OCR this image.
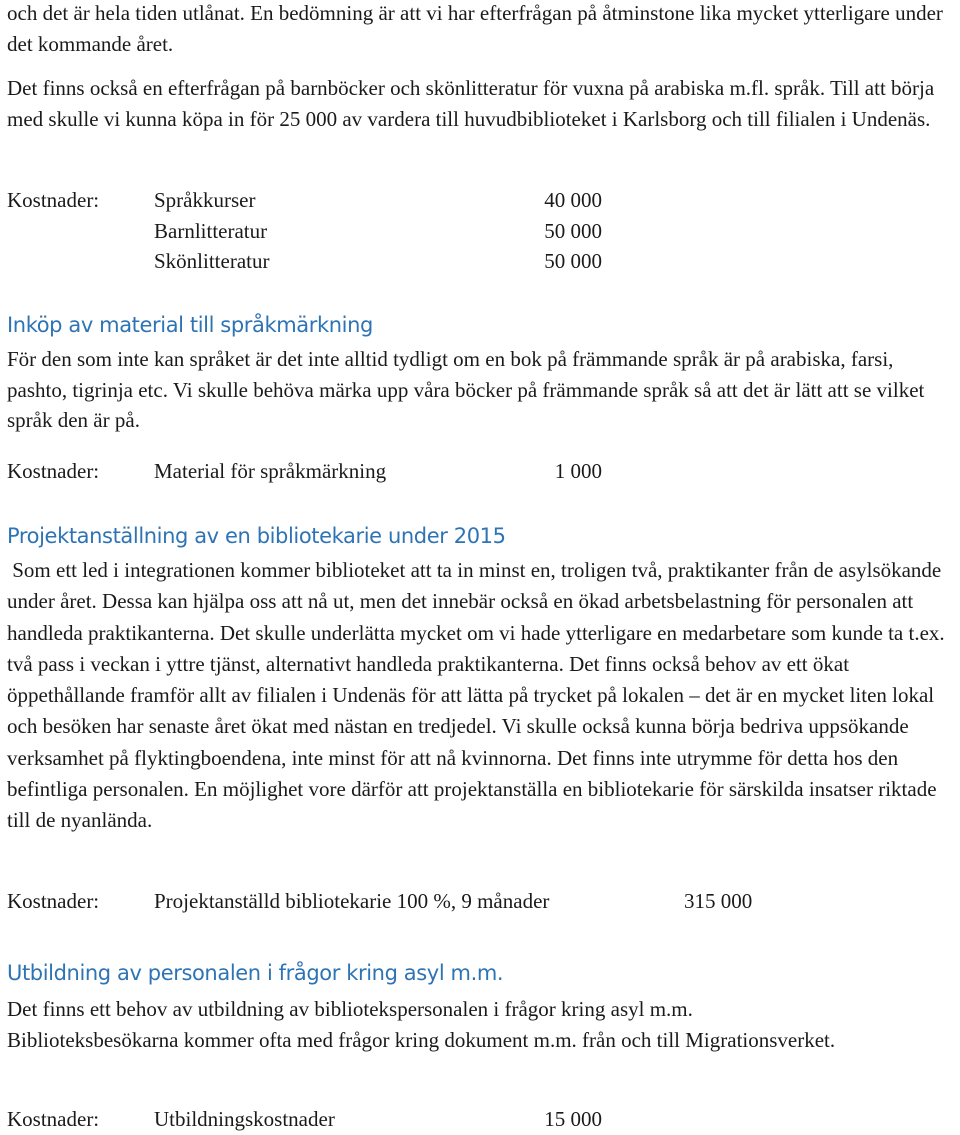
och det är hela tiden utlånat. En bedömning är att vi har efterfrågan på åtminstone lika mycket ytterligare under det kommande året.

Det finns också en efterfrågan på barnböcker och skönlitteratur för vuxna på arabiska m.fl. språk. Till att börja med skulle vi kunna köpa in för 25 000 av vardera till huvudbiblioteket i Karlsborg och till filialen i Undenäs.

Kostnader:	Språkkurser	40 000
Barnlitteratur	50 000
Skönlitteratur	50 000
Inköp av material till språkmärkning

För den som inte kan språket är det inte alltid tydligt om en bok på främmande språk är på arabiska, farsi, pashto, tigrinja etc. Vi skulle behöva märka upp våra böcker på främmande språk så att det är lätt att se vilket språk den är på.

Kostnader:	Material för språkmärkning	1 000
Projektanställning av en bibliotekarie under 2015

Som ett led i integrationen kommer biblioteket att ta in minst en, troligen två, praktikanter från de asylsökande under året. Dessa kan hjälpa oss att nå ut, men det innebär också en ökad arbetsbelastning för personalen att handleda praktikanterna. Det skulle underlätta mycket om vi hade ytterligare en medarbetare som kunde ta t.ex. två pass i veckan i yttre tjänst, alternativt handleda praktikanterna. Det finns också behov av ett ökat öppethållande framför allt av filialen i Undenäs för att lätta på trycket på lokalen – det är en mycket liten lokal och besöken har senaste året ökat med nästan en tredjedel. Vi skulle också kunna börja bedriva uppsökande verksamhet på flyktingboendena, inte minst för att nå kvinnorna. Det finns inte utrymme för detta hos den befintliga personalen. En möjlighet vore därför att projektanställa en bibliotekarie för särskilda insatser riktade till de nyanlända.

Kostnader:	Projektanställd bibliotekarie 100 %, 9 månader	315 000
Utbildning av personalen i frågor kring asyl m.m.

Det finns ett behov av utbildning av bibliotekspersonalen i frågor kring asyl m.m. Biblioteksbesökarna kommer ofta med frågor kring dokument m.m. från och till Migrationsverket.

Kostnader:	Utbildningskostnader	15 000
